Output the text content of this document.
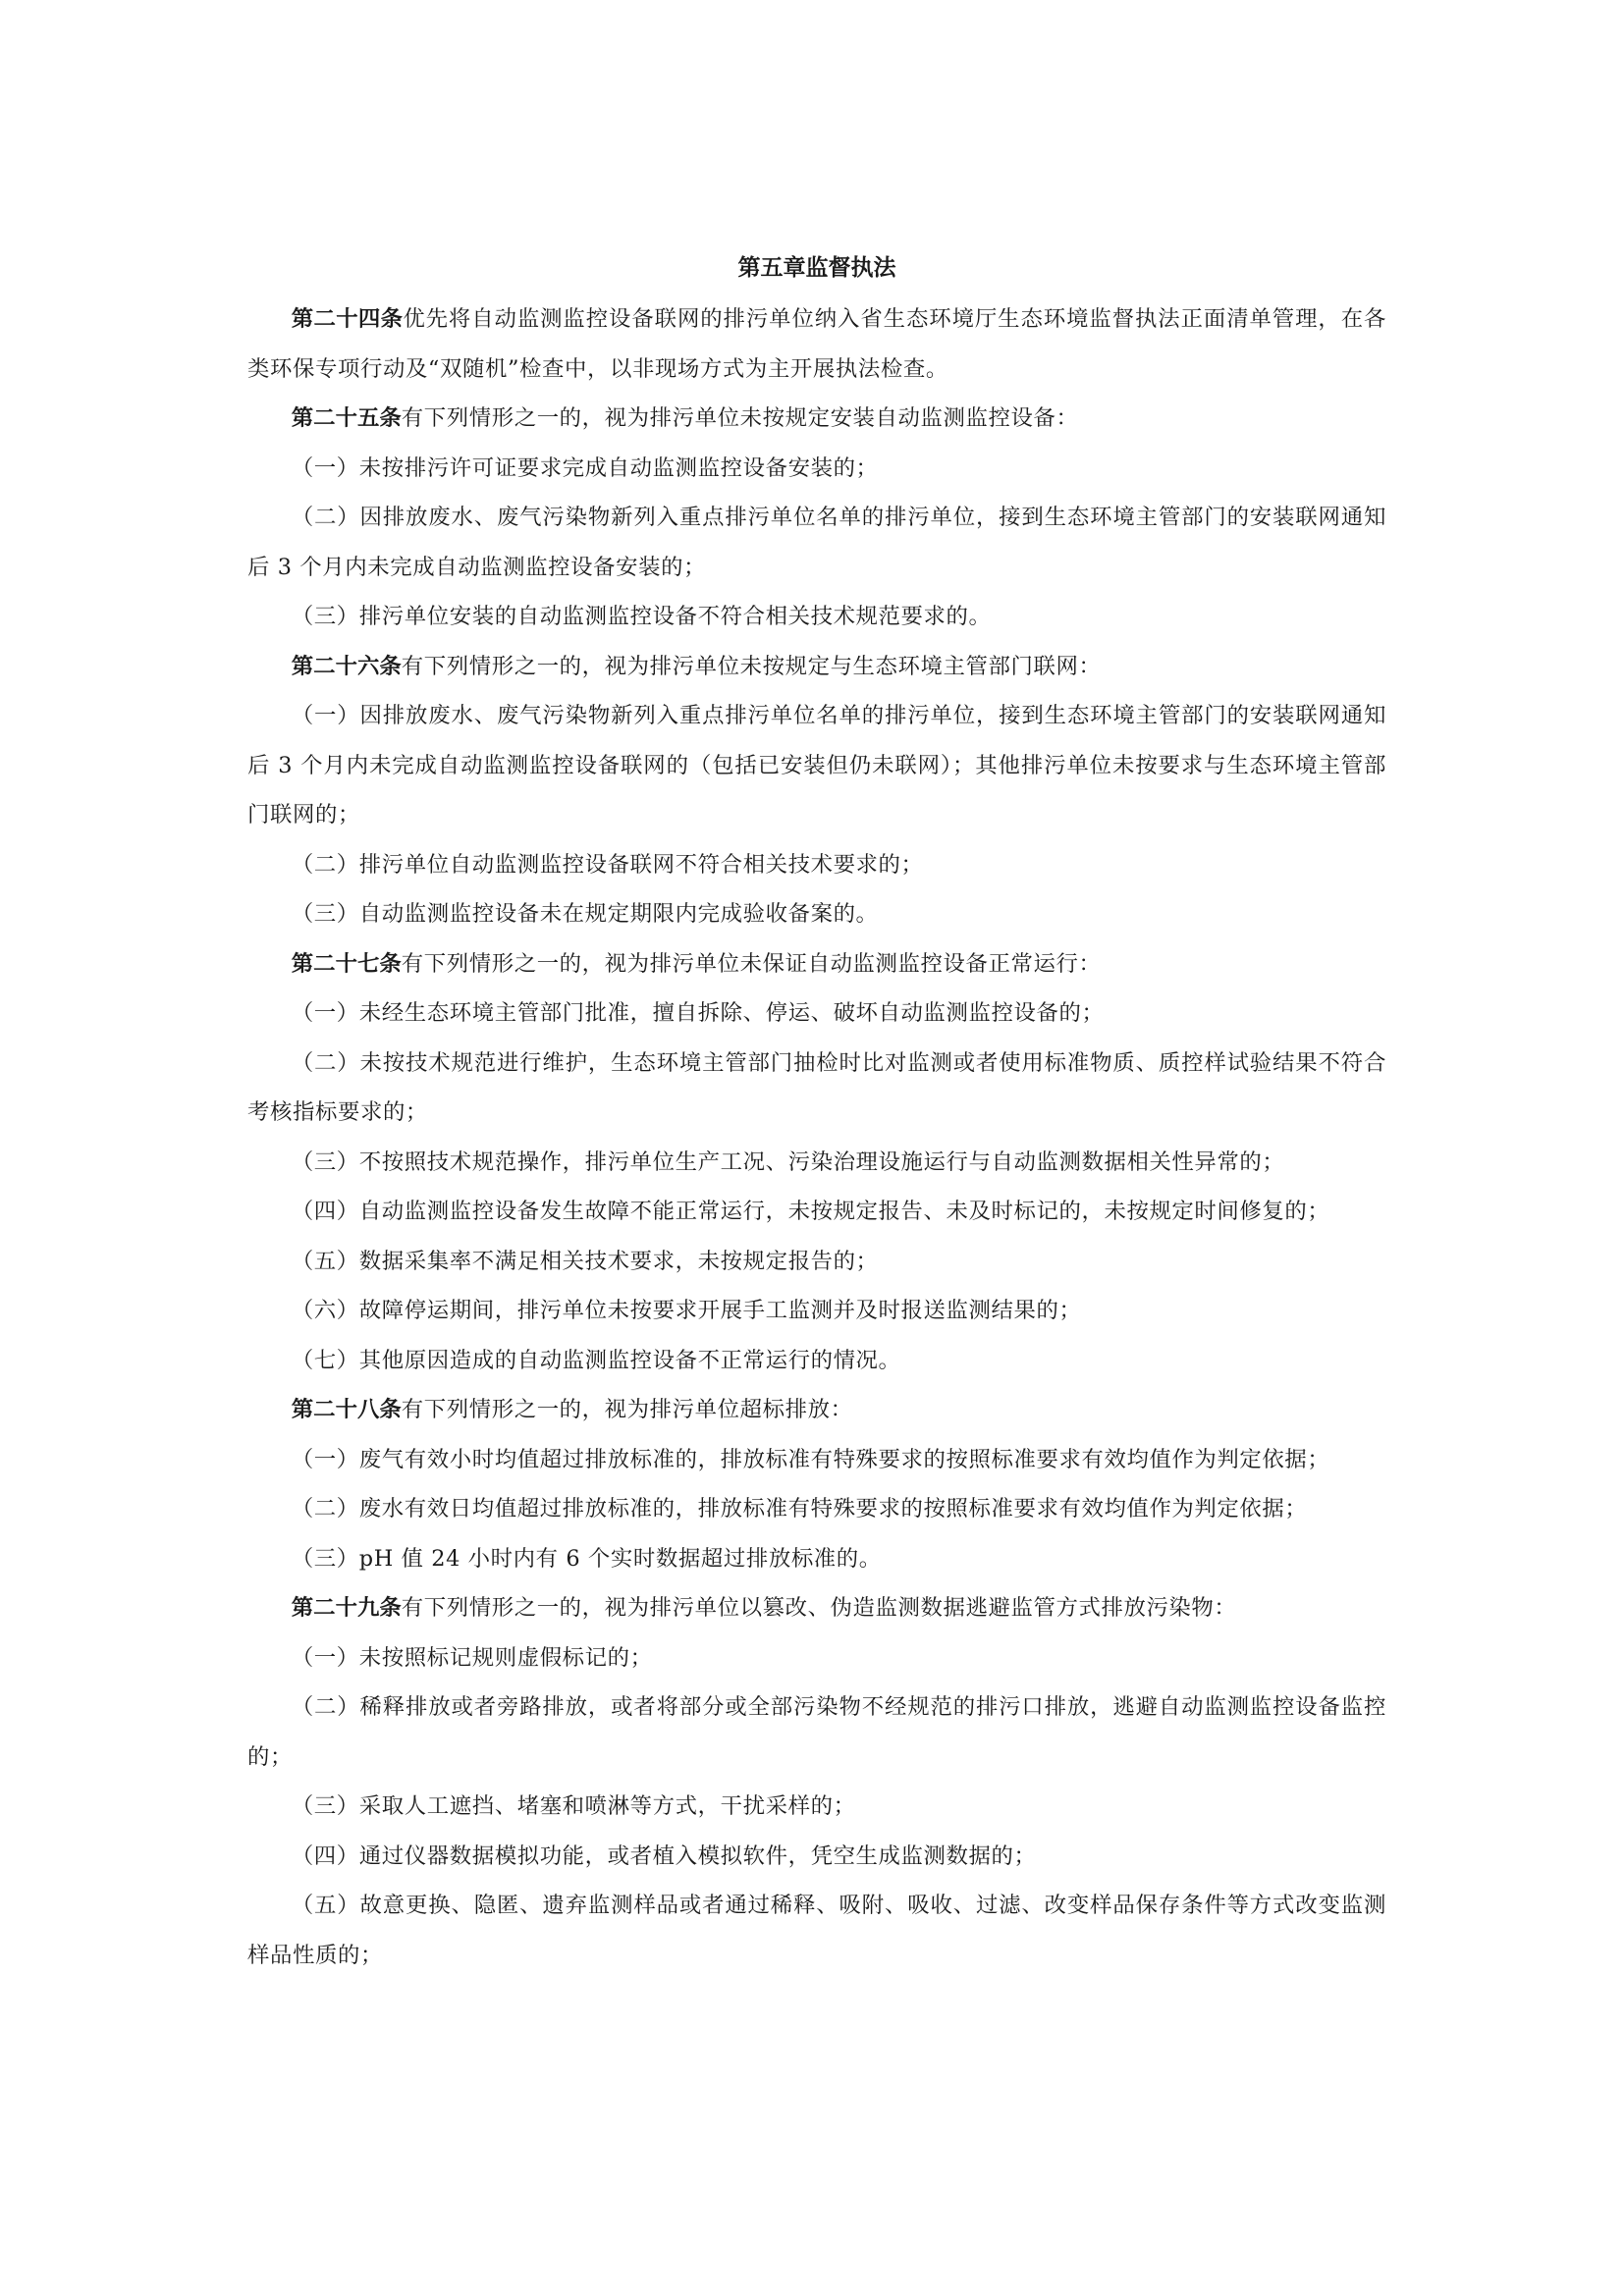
第五章监督执法

第二十四条优先将自动监测监控设备联网的排污单位纳入省生态环境厅生态环境监督执法正面清单管理，在各类环保专项行动及“双随机”检查中，以非现场方式为主开展执法检查。

第二十五条有下列情形之一的，视为排污单位未按规定安装自动监测监控设备：

（一）未按排污许可证要求完成自动监测监控设备安装的；

（二）因排放废水、废气污染物新列入重点排污单位名单的排污单位，接到生态环境主管部门的安装联网通知后 3 个月内未完成自动监测监控设备安装的；

（三）排污单位安装的自动监测监控设备不符合相关技术规范要求的。

第二十六条有下列情形之一的，视为排污单位未按规定与生态环境主管部门联网：

（一）因排放废水、废气污染物新列入重点排污单位名单的排污单位，接到生态环境主管部门的安装联网通知后 3 个月内未完成自动监测监控设备联网的（包括已安装但仍未联网）；其他排污单位未按要求与生态环境主管部门联网的；

（二）排污单位自动监测监控设备联网不符合相关技术要求的；

（三）自动监测监控设备未在规定期限内完成验收备案的。

第二十七条有下列情形之一的，视为排污单位未保证自动监测监控设备正常运行：

（一）未经生态环境主管部门批准，擅自拆除、停运、破坏自动监测监控设备的；

（二）未按技术规范进行维护，生态环境主管部门抽检时比对监测或者使用标准物质、质控样试验结果不符合考核指标要求的；

（三）不按照技术规范操作，排污单位生产工况、污染治理设施运行与自动监测数据相关性异常的；

（四）自动监测监控设备发生故障不能正常运行，未按规定报告、未及时标记的，未按规定时间修复的；

（五）数据采集率不满足相关技术要求，未按规定报告的；

（六）故障停运期间，排污单位未按要求开展手工监测并及时报送监测结果的；

（七）其他原因造成的自动监测监控设备不正常运行的情况。

第二十八条有下列情形之一的，视为排污单位超标排放：

（一）废气有效小时均值超过排放标准的，排放标准有特殊要求的按照标准要求有效均值作为判定依据；

（二）废水有效日均值超过排放标准的，排放标准有特殊要求的按照标准要求有效均值作为判定依据；

（三）pH 值 24 小时内有 6 个实时数据超过排放标准的。

第二十九条有下列情形之一的，视为排污单位以篡改、伪造监测数据逃避监管方式排放污染物：

（一）未按照标记规则虚假标记的；

（二）稀释排放或者旁路排放，或者将部分或全部污染物不经规范的排污口排放，逃避自动监测监控设备监控的；

（三）采取人工遮挡、堵塞和喷淋等方式，干扰采样的；

（四）通过仪器数据模拟功能，或者植入模拟软件，凭空生成监测数据的；

（五）故意更换、隐匿、遗弃监测样品或者通过稀释、吸附、吸收、过滤、改变样品保存条件等方式改变监测样品性质的；
